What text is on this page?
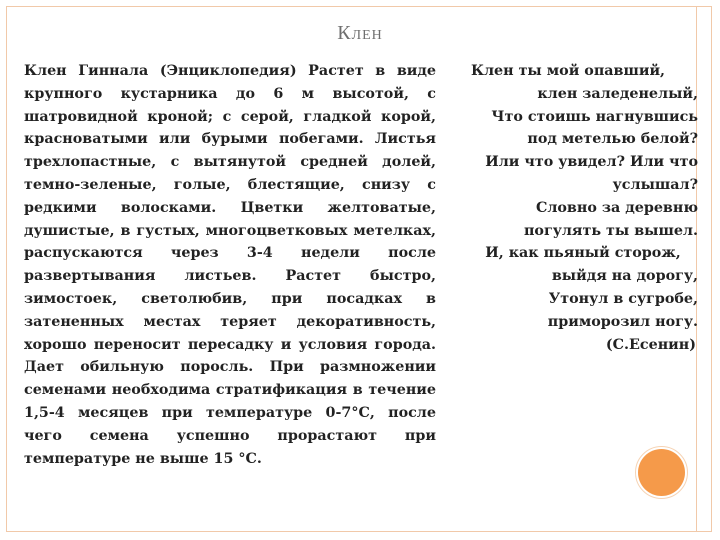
Клен

Клен Гиннала (Энциклопедия) Растет в виде крупного кустарника до 6 м высотой, с шатровидной кроной; с серой, гладкой корой, красноватыми или бурыми побегами. Листья трехлопастные, с вытянутой средней долей, темно-зеленые, голые, блестящие, снизу с редкими волосками. Цветки желтоватые, душистые, в густых, многоцветковых метелках, распускаются через 3-4 недели после развертывания листьев. Растет быстро, зимостоек, светолюбив, при посадках в затененных местах теряет декоративность, хорошо переносит пересадку и условия города. Дает обильную поросль. При размножении семенами необходима стратификация в течение 1,5-4 месяцев при температуре 0-7°С, после чего семена успешно прорастают при температуре не выше 15 °С.

Клен ты мой опавший,
клен заледенелый,
Что стоишь нагнувшись
под метелью белой?
Или что увидел? Или что
услышал?
Словно за деревню
погулять ты вышел.
И, как пьяный сторож,
выйдя на дорогу,
Утонул в сугробе,
приморозил ногу.
(С.Есенин)
